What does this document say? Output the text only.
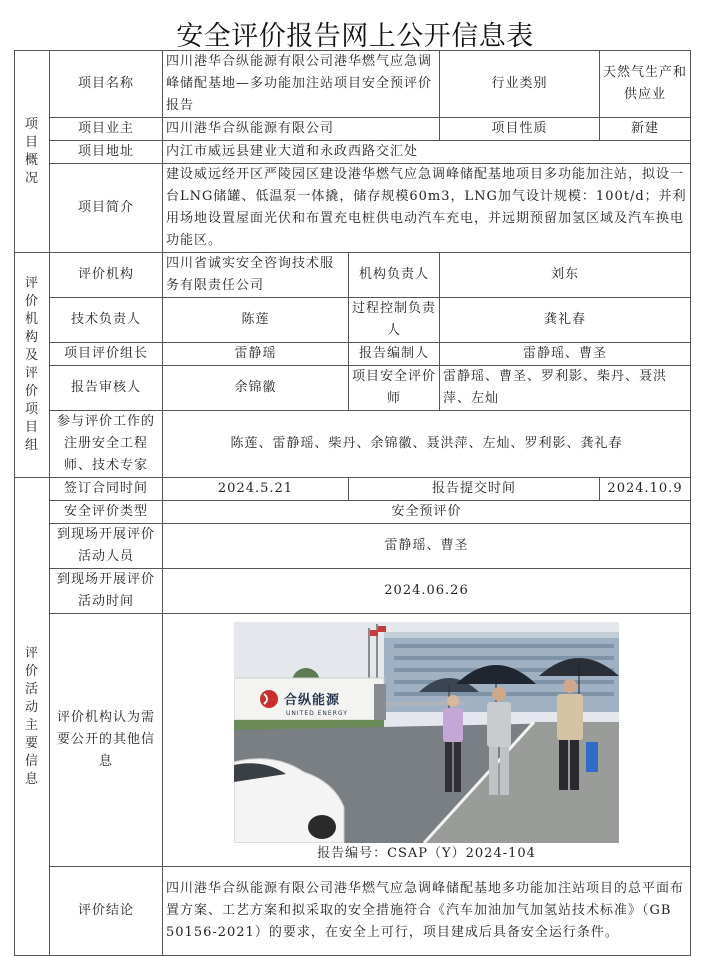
安全评价报告网上公开信息表
项目概况	项目名称	四川港华合纵能源有限公司港华燃气应急调峰储配基地—多功能加注站项目安全预评价报告		行业类别	天然气生产和供应业
	项目业主	四川港华合纵能源有限公司		项目性质	新建
	项目地址	内江市威远县建业大道和永政西路交汇处			
	项目简介	建设威远经开区严陵园区建设港华燃气应急调峰储配基地项目多功能加注站，拟设一台LNG储罐、低温泵一体撬，储存规模60m3，LNG加气设计规模：100t/d；并利用场地设置屋面光伏和布置充电桩供电动汽车充电，并远期预留加氢区域及汽车换电功能区。			

评价机构及评价项目组	评价机构	四川省诚实安全咨询技术服务有限责任公司	机构负责人	刘东	
	技术负责人	陈莲	过程控制负责人	龚礼春	
	项目评价组长	雷静瑶	报告编制人	雷静瑶、曹圣	
	报告审核人	余锦徽	项目安全评价师	雷静瑶、曹圣、罗利影、柴丹、聂洪萍、左灿	
	参与评价工作的注册安全工程师、技术专家	陈莲、雷静瑶、柴丹、余锦徽、聂洪萍、左灿、罗利影、龚礼春			

评价活动主要信息	签订合同时间	2024.5.21	报告提交时间		2024.10.9
	安全评价类型	安全预评价			
	到现场开展评价活动人员	雷静瑶、曹圣			
	到现场开展评价活动时间	2024.06.26			
	评价机构认为需要公开的其他信息	合纵能源
UNITED ENERGY
报告编号：CSAP（Y）2024-104			

	评价结论	四川港华合纵能源有限公司港华燃气应急调峰储配基地多功能加注站项目的总平面布置方案、工艺方案和拟采取的安全措施符合《汽车加油加气加氢站技术标准》（GB 50156-2021）的要求，在安全上可行，项目建成后具备安全运行条件。			
